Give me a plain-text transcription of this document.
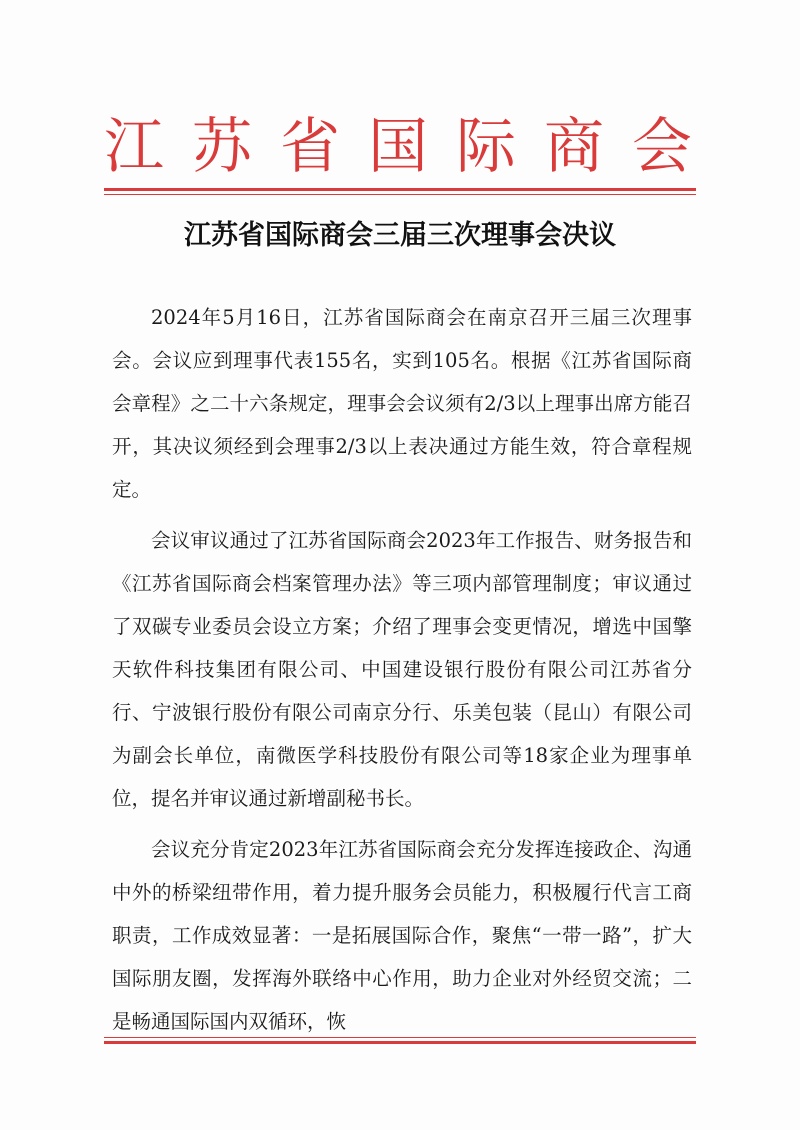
江苏省国际商会
江苏省国际商会三届三次理事会决议

2024年5月16日，江苏省国际商会在南京召开三届三次理事会。会议应到理事代表155名，实到105名。根据《江苏省国际商会章程》之二十六条规定，理事会会议须有2/3以上理事出席方能召开，其决议须经到会理事2/3以上表决通过方能生效，符合章程规定。

会议审议通过了江苏省国际商会2023年工作报告、财务报告和《江苏省国际商会档案管理办法》等三项内部管理制度；审议通过了双碳专业委员会设立方案；介绍了理事会变更情况，增选中国擎天软件科技集团有限公司、中国建设银行股份有限公司江苏省分行、宁波银行股份有限公司南京分行、乐美包装（昆山）有限公司为副会长单位，南微医学科技股份有限公司等18家企业为理事单位，提名并审议通过新增副秘书长。

会议充分肯定2023年江苏省国际商会充分发挥连接政企、沟通中外的桥梁纽带作用，着力提升服务会员能力，积极履行代言工商职责，工作成效显著：一是拓展国际合作，聚焦“一带一路”，扩大国际朋友圈，发挥海外联络中心作用，助力企业对外经贸交流；二是畅通国际国内双循环，恢
